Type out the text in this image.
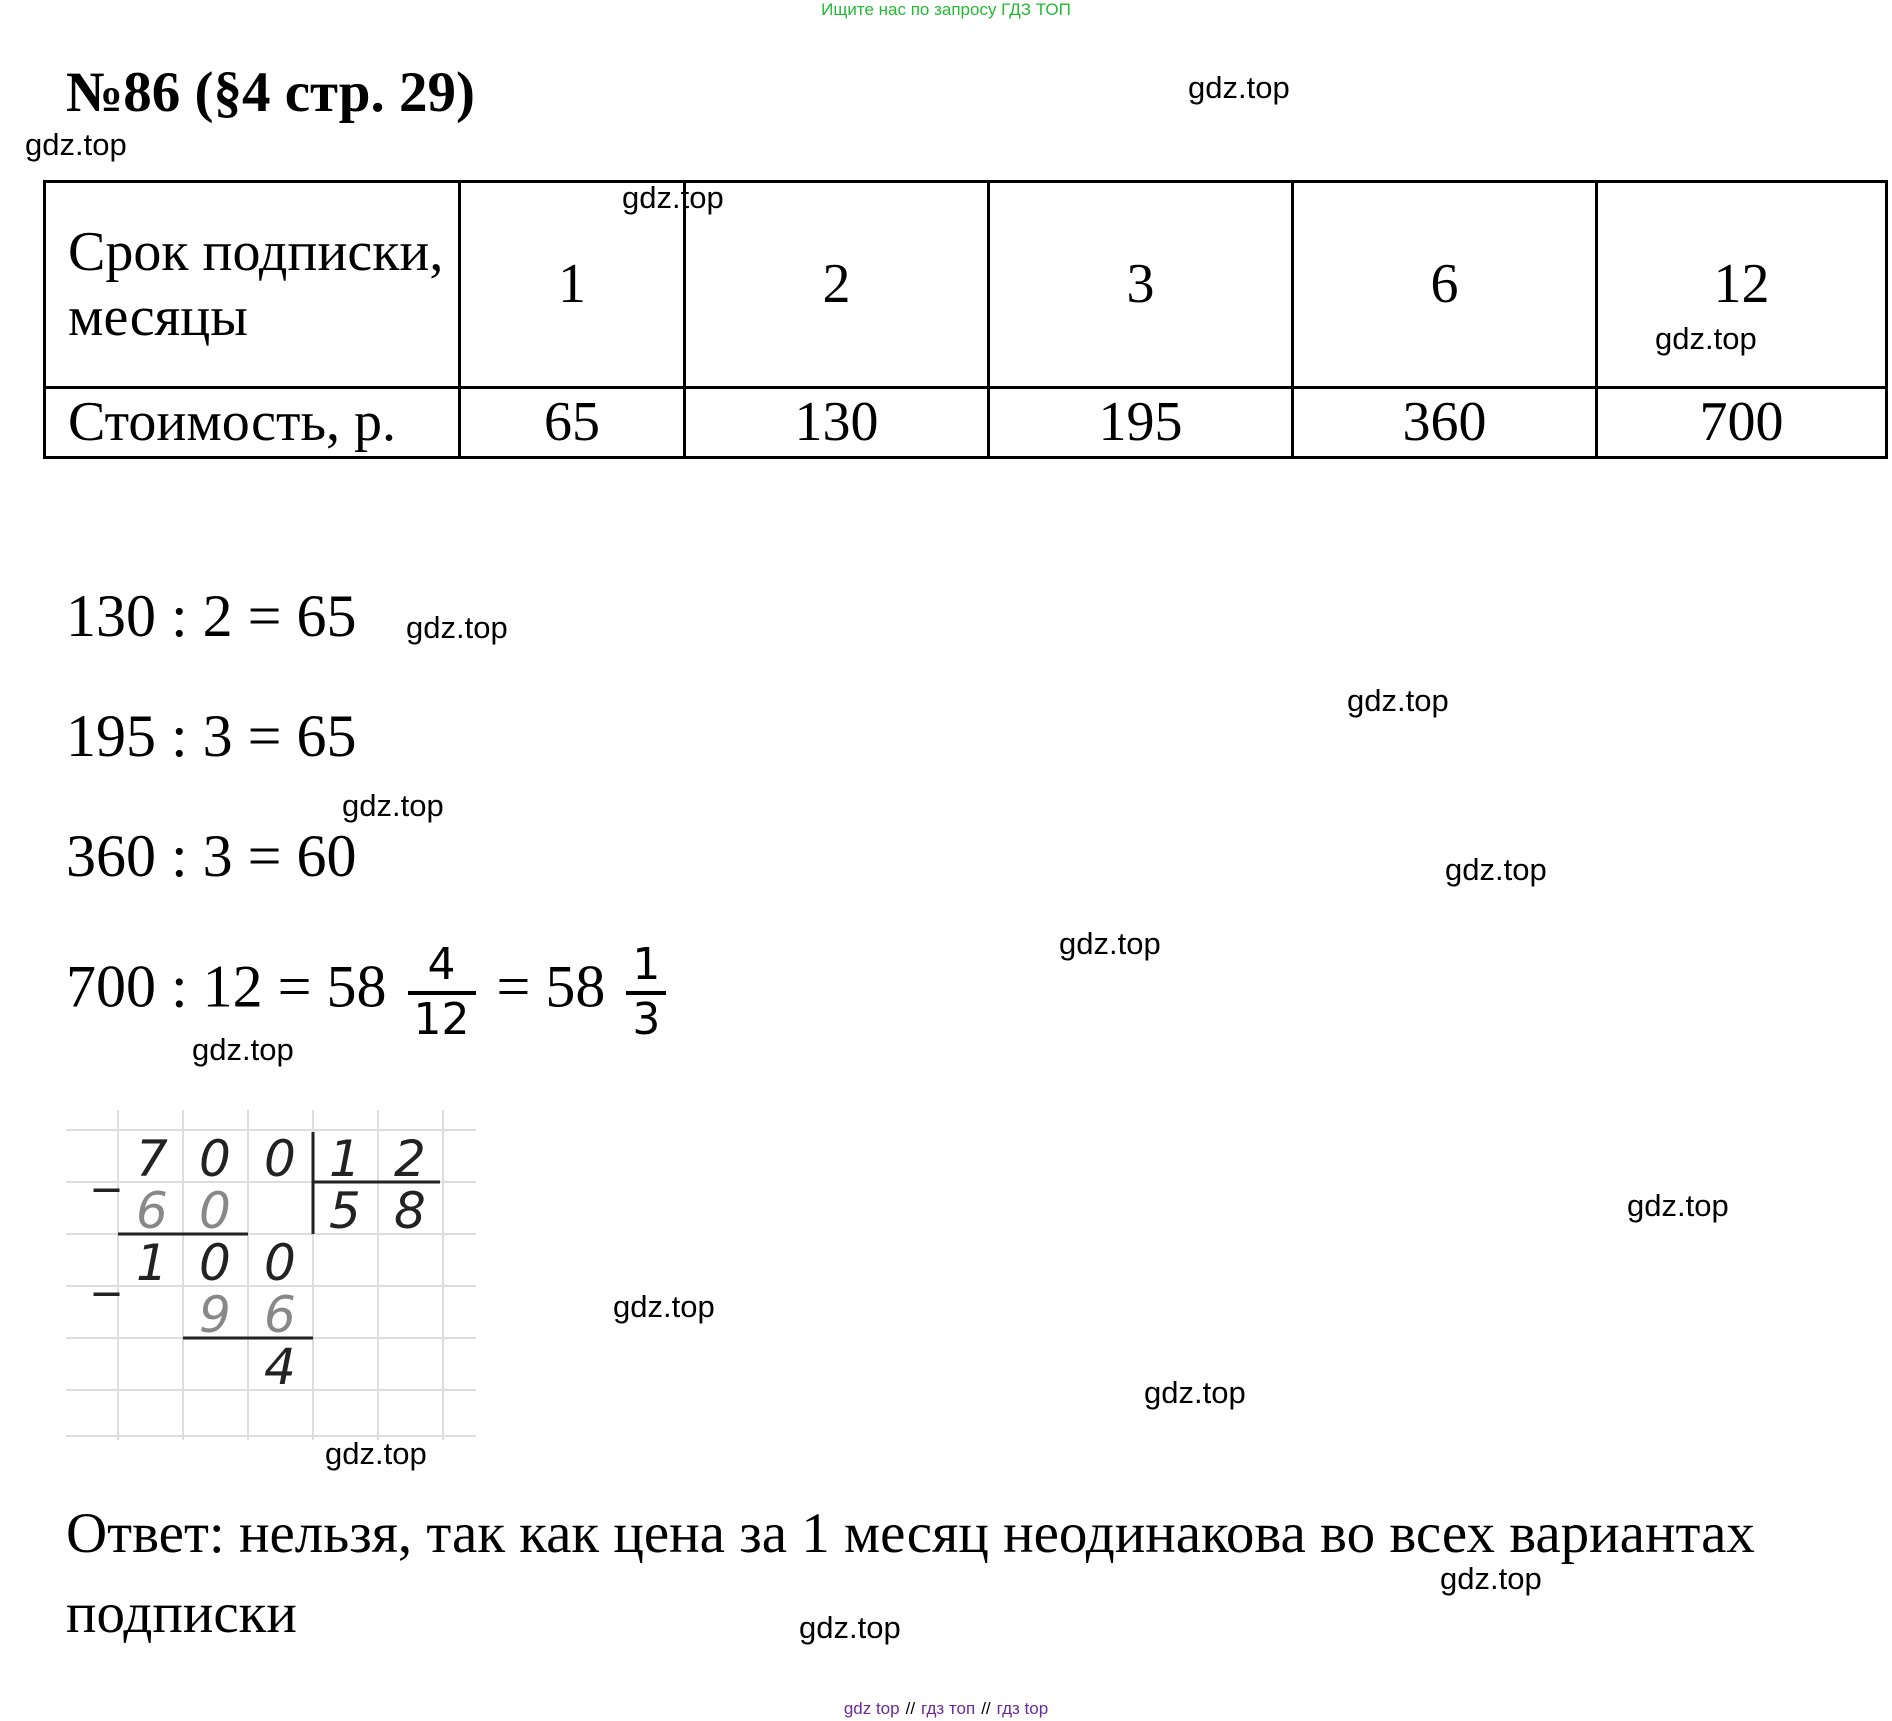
Ищите нас по запросу ГДЗ ТОП
№86 (§4 стр. 29)
Срок подписки, месяцы	1	2	3	6	12
Стоимость, р.	65	130	195	360	700
130 : 2 = 65
195 : 3 = 65
360 : 3 = 60
700 : $12 = 58 \frac{4}{12} = 58 \frac{1}{3}$
_ 7 0 0 1 2
6 0 5 8
_ 1 0 0
9 6
4
Ответ: нельзя, так как цена за 1 месяц неодинакова во всех вариантах подписки
gdz.top
gdz.top
gdz.top
gdz.top
gdz.top
gdz.top
gdz.top
gdz.top
gdz.top
gdz.top
gdz.top
gdz.top
gdz.top
gdz.top
gdz.top
gdz.top
gdz top // гдз топ // гдз top
